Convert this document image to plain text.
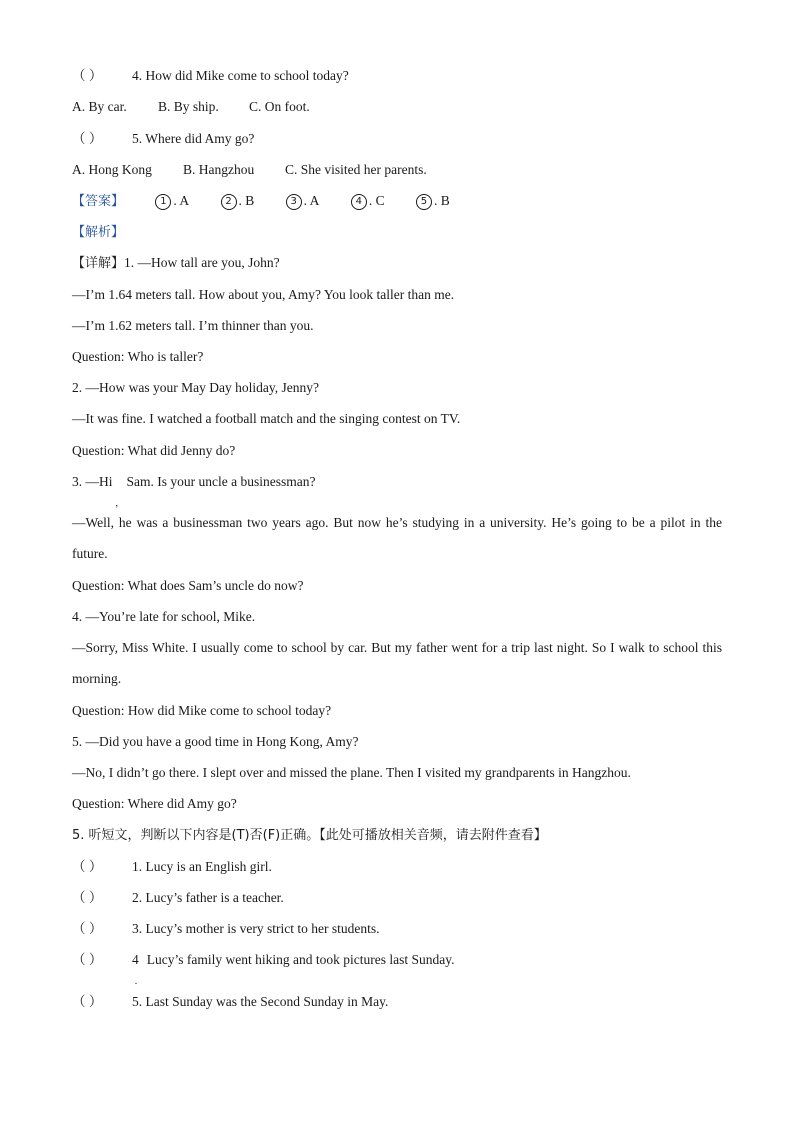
（ ） 4. How did Mike come to school today?
A. By car. B. By ship. C. On foot.
（ ） 5. Where did Amy go?
A. Hong Kong B. Hangzhou C. She visited her parents.
【答案】	1 . A	2 . B	3 . A	4 . C	5 . B
【解析】
【详解】1. —How tall are you, John?
—I’m 1.64 meters tall. How about you, Amy? You look taller than me.
—I’m 1.62 meters tall. I’m thinner than you.
Question: Who is taller?
2. —How was your May Day holiday, Jenny?
—It was fine. I watched a football match and the singing contest on TV.
Question: What did Jenny do?
3. —Hi
,
Sam. Is your uncle a businessman?
—Well, he was a businessman two years ago. But now he’s studying in a university. He’s going to be a pilot in the future.
Question: What does Sam’s uncle do now?
4. —You’re late for school, Mike.
—Sorry, Miss White. I usually come to school by car. But my father went for a trip last night. So I walk to school this morning.
Question: How did Mike come to school today?
5. —Did you have a good time in Hong Kong, Amy?
—No, I didn’t go there. I slept over and missed the plane. Then I visited my grandparents in Hangzhou.
Question: Where did Amy go?
5. 听短文，判断以下内容是(T)否(F)正确。【此处可播放相关音频，请去附件查看】
（ ） 1. Lucy is an English girl.
（ ） 2. Lucy’s father is a teacher.
（ ） 3. Lucy’s mother is very strict to her students.
（ ） 4
.
Lucy’s family went hiking and took pictures last Sunday.
（ ） 5. Last Sunday was the Second Sunday in May.
